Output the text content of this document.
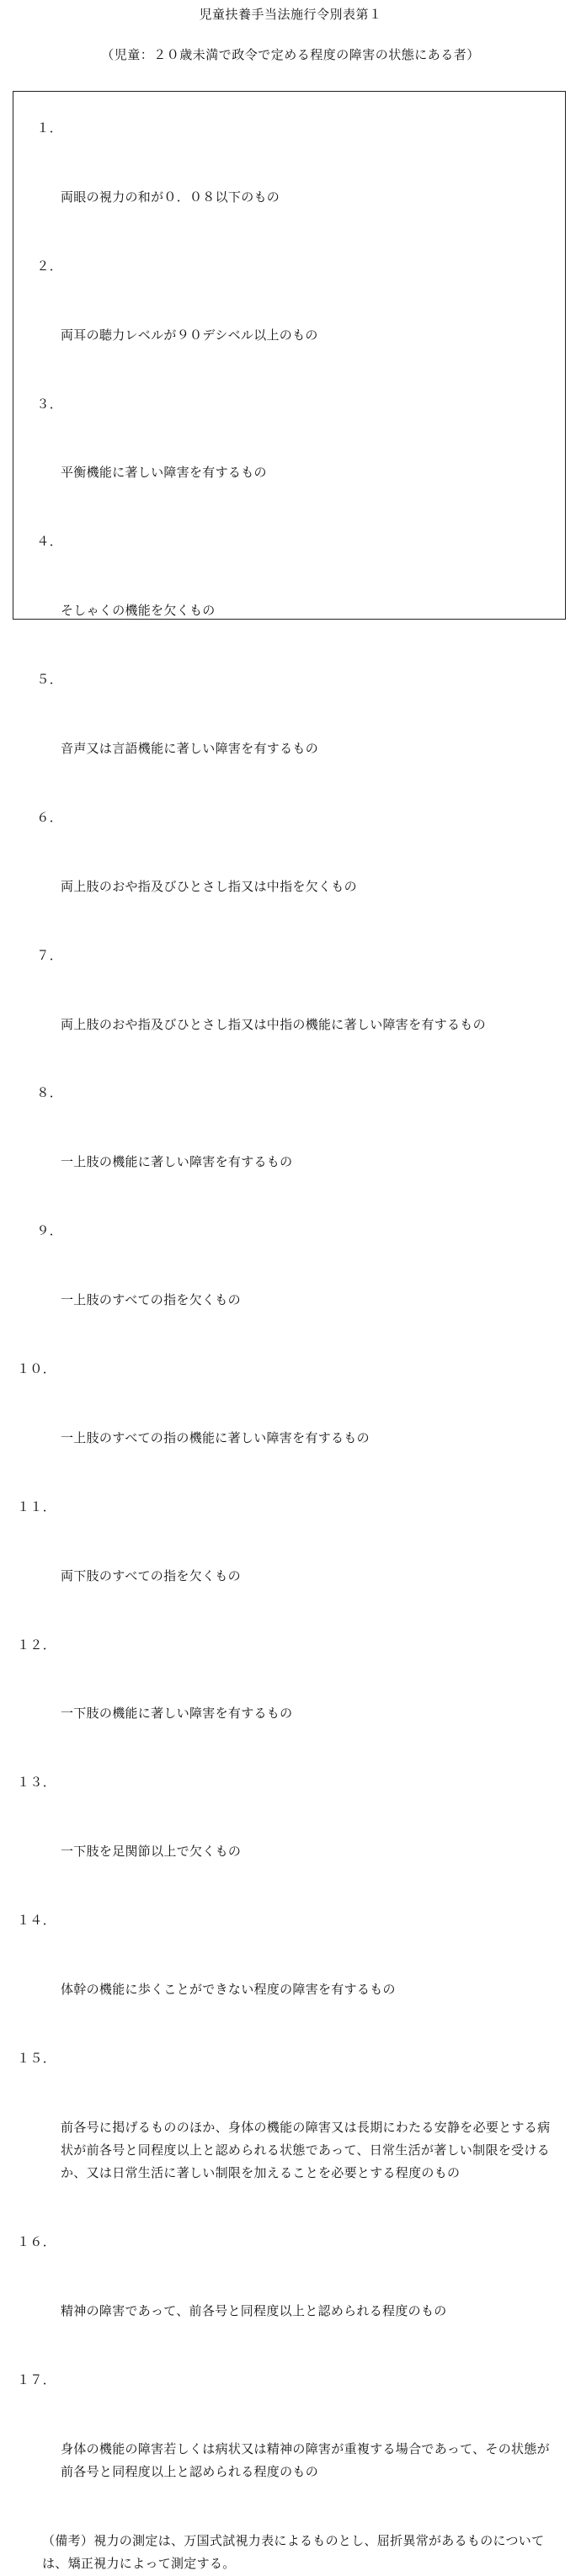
児童扶養手当法施行令別表第１
（児童：２０歳未満で政令で定める程度の障害の状態にある者）

１．

両眼の視力の和が０．０８以下のもの

２．

両耳の聴力レベルが９０デシベル以上のもの

３．

平衡機能に著しい障害を有するもの

４．

そしゃくの機能を欠くもの

５．

音声又は言語機能に著しい障害を有するもの

６．

両上肢のおや指及びひとさし指又は中指を欠くもの

７．

両上肢のおや指及びひとさし指又は中指の機能に著しい障害を有するもの

８．

一上肢の機能に著しい障害を有するもの

９．

一上肢のすべての指を欠くもの

１０．

一上肢のすべての指の機能に著しい障害を有するもの

１１．

両下肢のすべての指を欠くもの

１２．

一下肢の機能に著しい障害を有するもの

１３．

一下肢を足関節以上で欠くもの

１４．

体幹の機能に歩くことができない程度の障害を有するもの

１５．

前各号に掲げるもののほか、身体の機能の障害又は長期にわたる安静を必要とする病状が前各号と同程度以上と認められる状態であって、日常生活が著しい制限を受けるか、又は日常生活に著しい制限を加えることを必要とする程度のもの

１６．

精神の障害であって、前各号と同程度以上と認められる程度のもの

１７．

身体の機能の障害若しくは病状又は精神の障害が重複する場合であって、その状態が前各号と同程度以上と認められる程度のもの

（備考）視力の測定は、万国式試視力表によるものとし、屈折異常があるものについては、矯正視力によって測定する。
